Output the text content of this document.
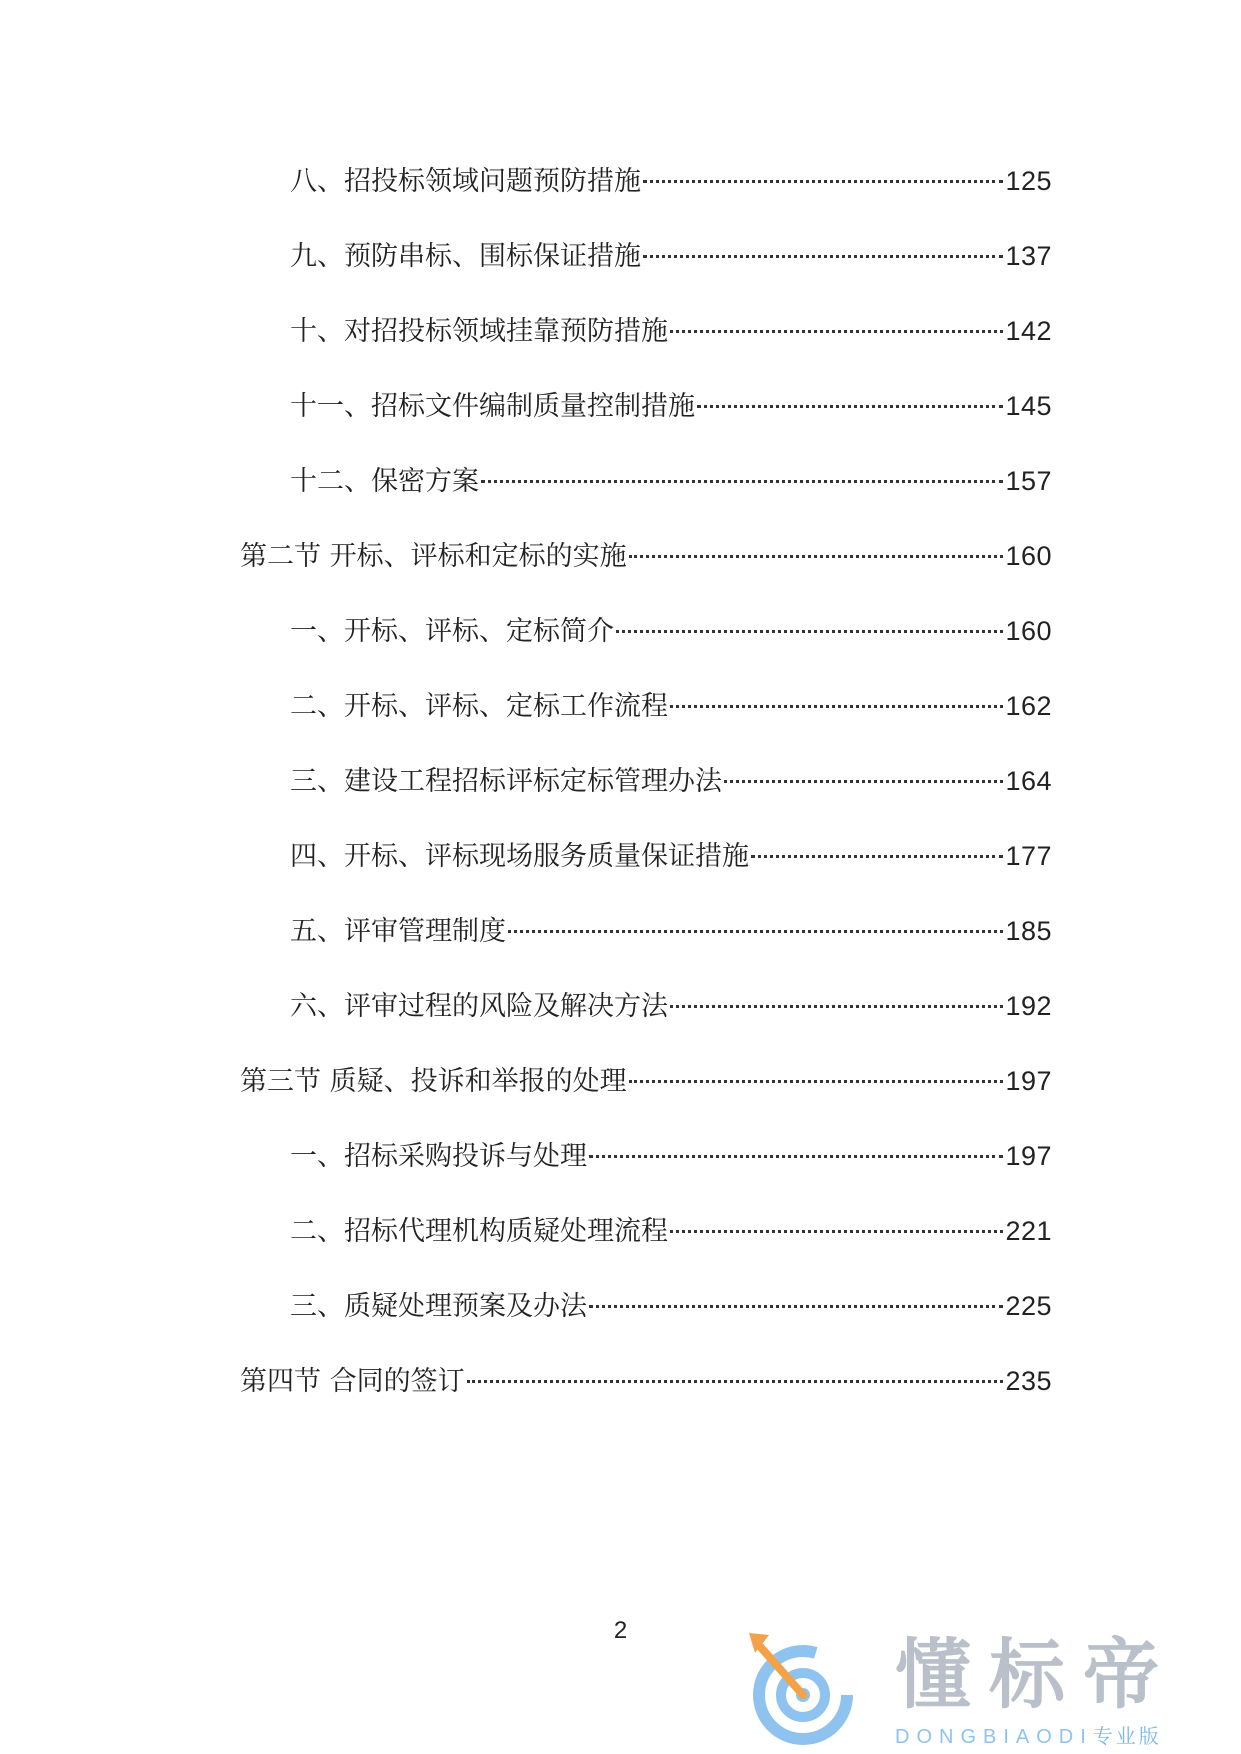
八、招投标领域问题预防措施	125
九、预防串标、围标保证措施	137
十、对招投标领域挂靠预防措施	142
十一、招标文件编制质量控制措施	145
十二、保密方案	157
第二节 开标、评标和定标的实施	160
一、开标、评标、定标简介	160
二、开标、评标、定标工作流程	162
三、建设工程招标评标定标管理办法	164
四、开标、评标现场服务质量保证措施	177
五、评审管理制度	185
六、评审过程的风险及解决方法	192
第三节 质疑、投诉和举报的处理	197
一、招标采购投诉与处理	197
二、招标代理机构质疑处理流程	221
三、质疑处理预案及办法	225
第四节 合同的签订	235
2	懂标帝
DONGBIAODI专业版
